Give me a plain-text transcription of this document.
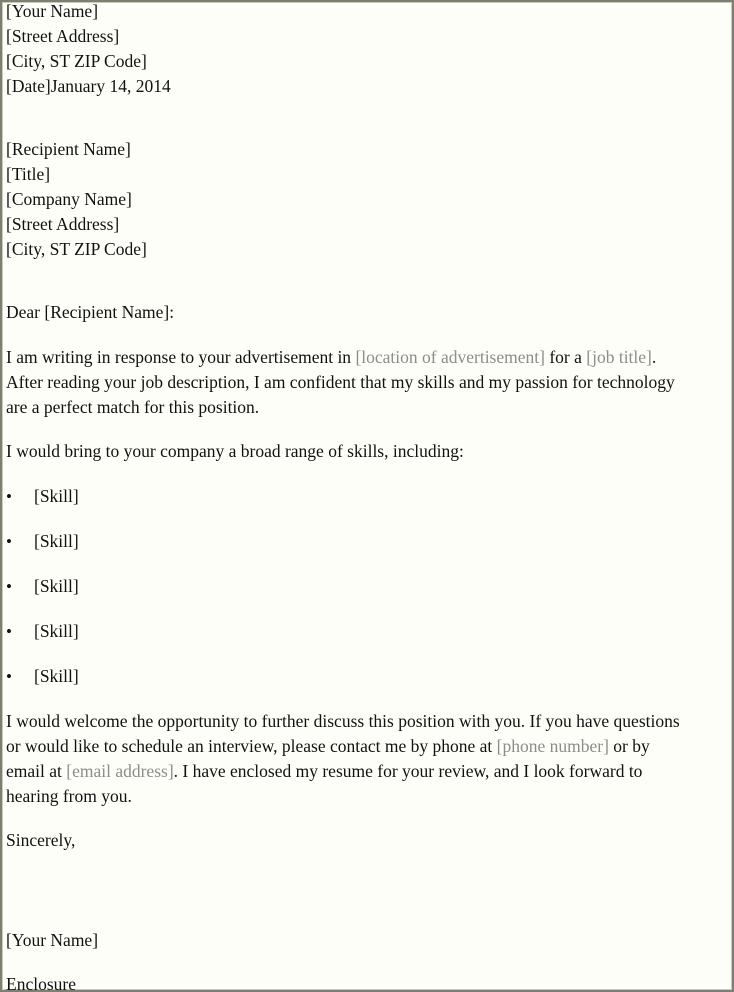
[Your Name]
[Street Address]
[City, ST ZIP Code]
[Date]January 14, 2014
[Recipient Name]
[Title]
[Company Name]
[Street Address]
[City, ST ZIP Code]
Dear [Recipient Name]:
I am writing in response to your advertisement in [location of advertisement] for a [job title].
After reading your job description, I am confident that my skills and my passion for technology
are a perfect match for this position.
I would bring to your company a broad range of skills, including:
• [Skill]
• [Skill]
• [Skill]
• [Skill]
• [Skill]
I would welcome the opportunity to further discuss this position with you. If you have questions
or would like to schedule an interview, please contact me by phone at [phone number] or by
email at [email address]. I have enclosed my resume for your review, and I look forward to
hearing from you.
Sincerely,
[Your Name]
Enclosure
